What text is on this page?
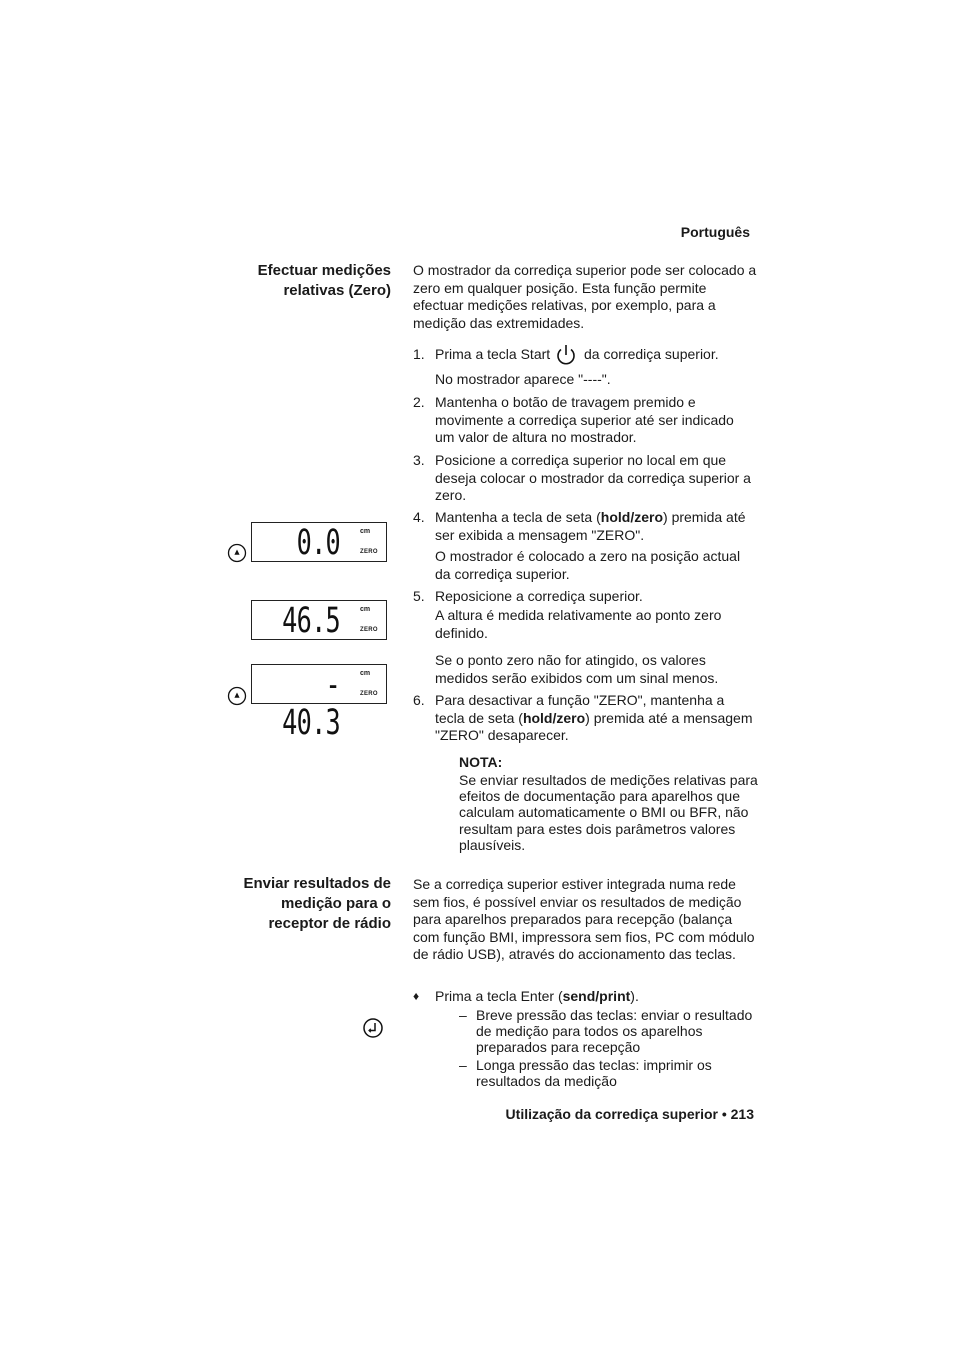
Português
Efectuar medições
relativas (Zero)
O mostrador da corrediça superior pode ser colocado a zero em qualquer posição. Esta função permite efectuar medições relativas, por exemplo, para a medição das extremidades.
1. Prima a tecla Start	da corrediça superior.
No mostrador aparece "----".
2. Mantenha o botão de travagem premido e movimente a corrediça superior até ser indicado um valor de altura no mostrador.
3. Posicione a corrediça superior no local em que deseja colocar o mostrador da corrediça superior a zero.
4. Mantenha a tecla de seta (hold/zero) premida até ser exibida a mensagem "ZERO".
O mostrador é colocado a zero na posição actual da corrediça superior.
5. Reposicione a corrediça superior.
A altura é medida relativamente ao ponto zero definido.
Se o ponto zero não for atingido, os valores medidos serão exibidos com um sinal menos.
6. Para desactivar a função "ZERO", mantenha a tecla de seta (hold/zero) premida até a mensagem "ZERO" desaparecer.
NOTA:
Se enviar resultados de medições relativas para efeitos de documentação para aparelhos que calculam automaticamente o BMI ou BFR, não resultam para estes dois parâmetros valores plausíveis.
0.0	cm
ZERO
46.5	cm
ZERO
- 40.3
cm
ZERO
Enviar resultados de
medição para o
receptor de rádio
Se a corrediça superior estiver integrada numa rede sem fios, é possível enviar os resultados de medição para aparelhos preparados para recepção (balança com função BMI, impressora sem fios, PC com módulo de rádio USB), através do accionamento das teclas.
♦	Prima a tecla Enter (send/print).
– Breve pressão das teclas: enviar o resultado de medição para todos os aparelhos preparados para recepção
– Longa pressão das teclas: imprimir os resultados da medição
Utilização da corrediça superior • 213
